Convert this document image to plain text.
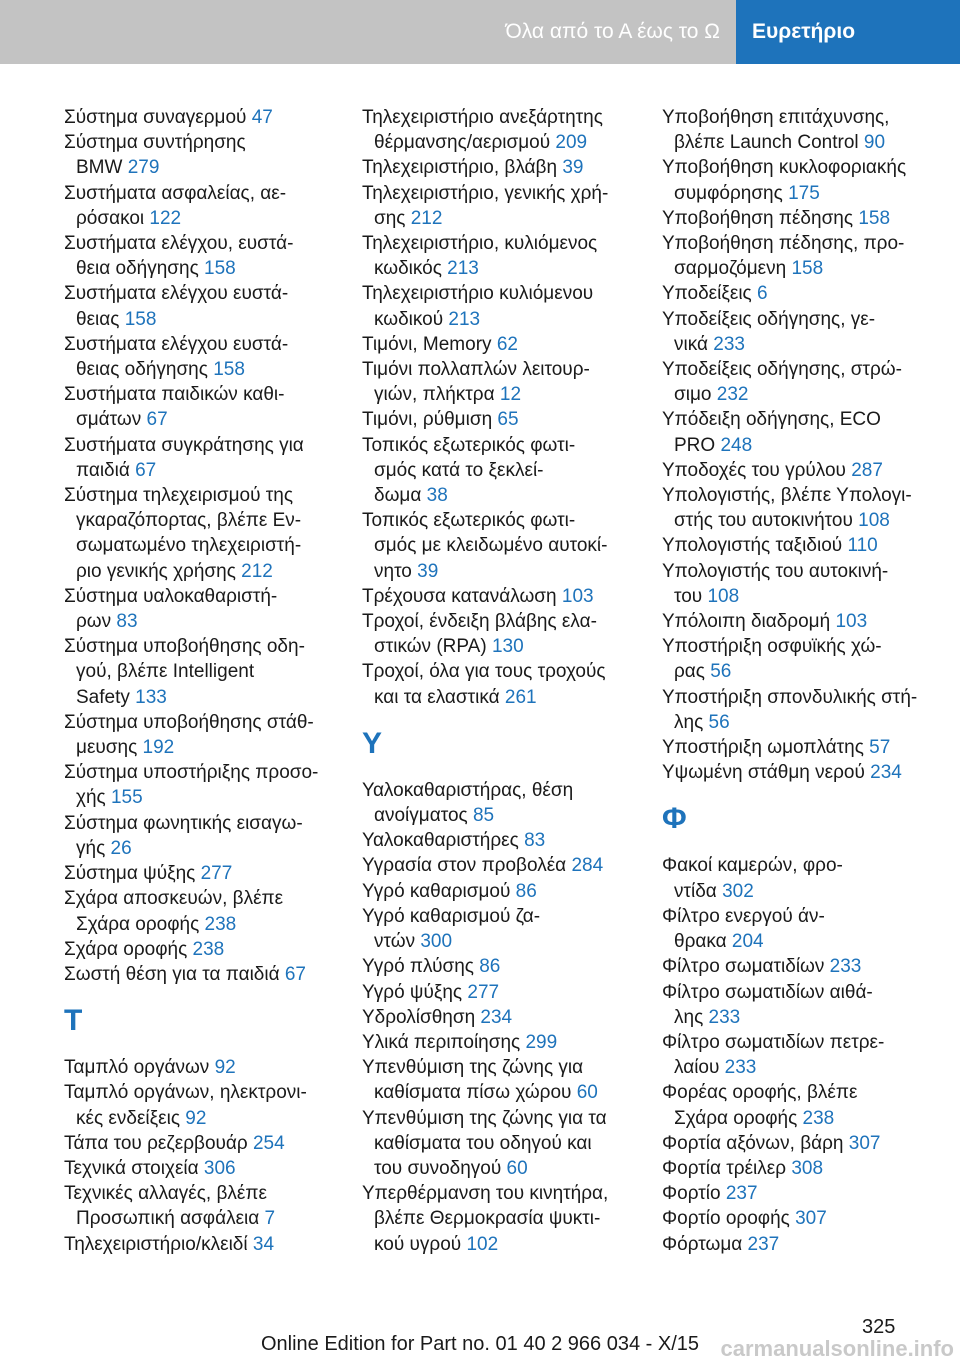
Όλα από το Α έως το Ω	Ευρετήριο
Σύστημα συναγερμού 47
Σύστημα συντήρησης
BMW 279
Συστήματα ασφαλείας, αε‐
ρόσακοι 122
Συστήματα ελέγχου, ευστά‐
θεια οδήγησης 158
Συστήματα ελέγχου ευστά‐
θειας 158
Συστήματα ελέγχου ευστά‐
θειας οδήγησης 158
Συστήματα παιδικών καθι‐
σμάτων 67
Συστήματα συγκράτησης για
παιδιά 67
Σύστημα τηλεχειρισμού της
γκαραζόπορτας, βλέπε Εν‐
σωματωμένο τηλεχειριστή‐
ριο γενικής χρήσης 212
Σύστημα υαλοκαθαριστή‐
ρων 83
Σύστημα υποβοήθησης οδη‐
γού, βλέπε Intelligent
Safety 133
Σύστημα υποβοήθησης στάθ‐
μευσης 192
Σύστημα υποστήριξης προσο‐
χής 155
Σύστημα φωνητικής εισαγω‐
γής 26
Σύστημα ψύξης 277
Σχάρα αποσκευών, βλέπε
Σχάρα οροφής 238
Σχάρα οροφής 238
Σωστή θέση για τα παιδιά 67
Τ
Ταμπλό οργάνων 92
Ταμπλό οργάνων, ηλεκτρονι‐
κές ενδείξεις 92
Τάπα του ρεζερβουάρ 254
Τεχνικά στοιχεία 306
Τεχνικές αλλαγές, βλέπε
Προσωπική ασφάλεια 7
Τηλεχειριστήριο/κλειδί 34
Τηλεχειριστήριο ανεξάρτητης
θέρμανσης/αερισμού 209
Τηλεχειριστήριο, βλάβη 39
Τηλεχειριστήριο, γενικής χρή‐
σης 212
Τηλεχειριστήριο, κυλιόμενος
κωδικός 213
Τηλεχειριστήριο κυλιόμενου
κωδικού 213
Τιμόνι, Memory 62
Τιμόνι πολλαπλών λειτουρ‐
γιών, πλήκτρα 12
Τιμόνι, ρύθμιση 65
Τοπικός εξωτερικός φωτι‐
σμός κατά το ξεκλεί‐
δωμα 38
Τοπικός εξωτερικός φωτι‐
σμός με κλειδωμένο αυτοκί‐
νητο 39
Τρέχουσα κατανάλωση 103
Τροχοί, ένδειξη βλάβης ελα‐
στικών (RPA) 130
Τροχοί, όλα για τους τροχούς
και τα ελαστικά 261
Υ
Υαλοκαθαριστήρας, θέση
ανοίγματος 85
Υαλοκαθαριστήρες 83
Υγρασία στον προβολέα 284
Υγρό καθαρισμού 86
Υγρό καθαρισμού ζα‐
ντών 300
Υγρό πλύσης 86
Υγρό ψύξης 277
Υδρολίσθηση 234
Υλικά περιποίησης 299
Υπενθύμιση της ζώνης για
καθίσματα πίσω χώρου 60
Υπενθύμιση της ζώνης για τα
καθίσματα του οδηγού και
του συνοδηγού 60
Υπερθέρμανση του κινητήρα,
βλέπε Θερμοκρασία ψυκτι‐
κού υγρού 102
Υποβοήθηση επιτάχυνσης,
βλέπε Launch Control 90
Υποβοήθηση κυκλοφοριακής
συμφόρησης 175
Υποβοήθηση πέδησης 158
Υποβοήθηση πέδησης, προ‐
σαρμοζόμενη 158
Υποδείξεις 6
Υποδείξεις οδήγησης, γε‐
νικά 233
Υποδείξεις οδήγησης, στρώ‐
σιμο 232
Υπόδειξη οδήγησης, ECO
PRO 248
Υποδοχές του γρύλου 287
Υπολογιστής, βλέπε Υπολογι‐
στής του αυτοκινήτου 108
Υπολογιστής ταξιδιού 110
Υπολογιστής του αυτοκινή‐
του 108
Υπόλοιπη διαδρομή 103
Υποστήριξη οσφυϊκής χώ‐
ρας 56
Υποστήριξη σπονδυλικής στή‐
λης 56
Υποστήριξη ωμοπλάτης 57
Υψωμένη στάθμη νερού 234
Φ
Φακοί καμερών, φρο‐
ντίδα 302
Φίλτρο ενεργού άν‐
θρακα 204
Φίλτρο σωματιδίων 233
Φίλτρο σωματιδίων αιθά‐
λης 233
Φίλτρο σωματιδίων πετρε‐
λαίου 233
Φορέας οροφής, βλέπε
Σχάρα οροφής 238
Φορτία αξόνων, βάρη 307
Φορτία τρέιλερ 308
Φορτίο 237
Φορτίο οροφής 307
Φόρτωμα 237
325
Online Edition for Part no. 01 40 2 966 034 - X/15 carmanualsonline.info
